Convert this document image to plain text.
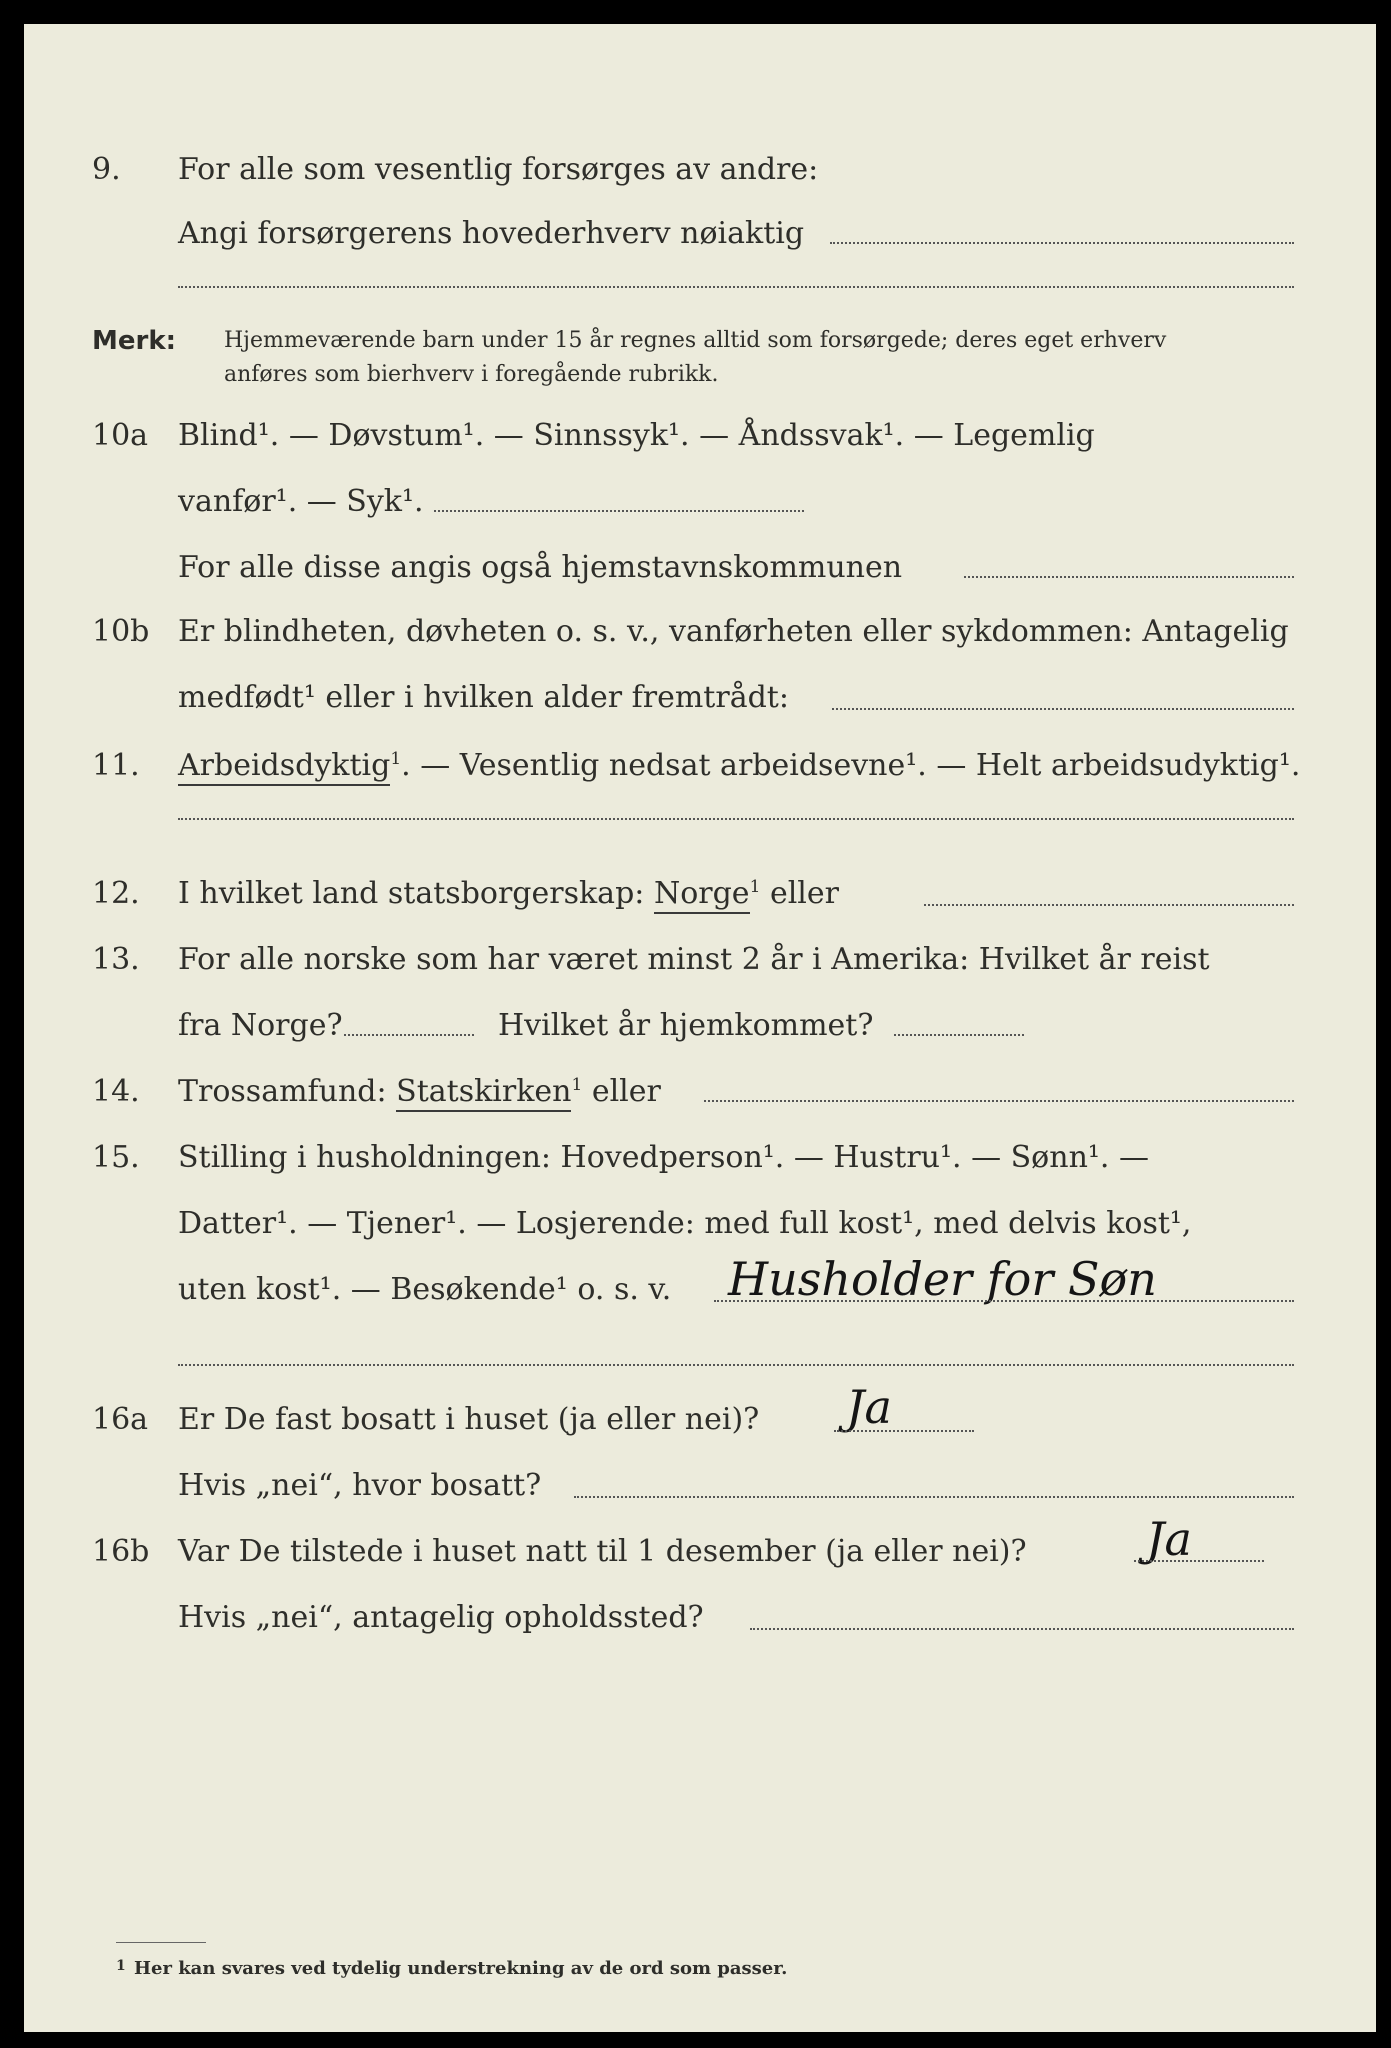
9. For alle som vesentlig forsørges av andre:
Angi forsørgerens hovederhverv nøiaktig
Merk: Hjemmeværende barn under 15 år regnes alltid som forsørgede; deres eget erhverv
anføres som bierhverv i foregående rubrikk.
10a Blind¹. — Døvstum¹. — Sinnssyk¹. — Åndssvak¹. — Legemlig
vanfør¹. — Syk¹.
For alle disse angis også hjemstavnskommunen
10b Er blindheten, døvheten o. s. v., vanførheten eller sykdommen: Antagelig
medfødt¹ eller i hvilken alder fremtrådt:
11. Arbeidsdyktig$^1$. — Vesentlig nedsat arbeidsevne¹. — Helt arbeidsudyktig¹.
12. I hvilket land statsborgerskap: Norge$^1$ eller
13. For alle norske som har været minst 2 år i Amerika: Hvilket år reist
fra Norge?	Hvilket år hjemkommet?
14. Trossamfund: Statskirken$^1$ eller
15. Stilling i husholdningen: Hovedperson¹. — Hustru¹. — Sønn¹. —
Datter¹. — Tjener¹. — Losjerende: med full kost¹, med delvis kost¹,
uten kost¹. — Besøkende¹ o. s. v. Husholder for Søn
16a Er De fast bosatt i huset (ja eller nei)? Ja
Hvis „nei“, hvor bosatt?
16b Var De tilstede i huset natt til 1 desember (ja eller nei)?	Ja
Hvis „nei“, antagelig opholdssted?
1 Her kan svares ved tydelig understrekning av de ord som passer.
